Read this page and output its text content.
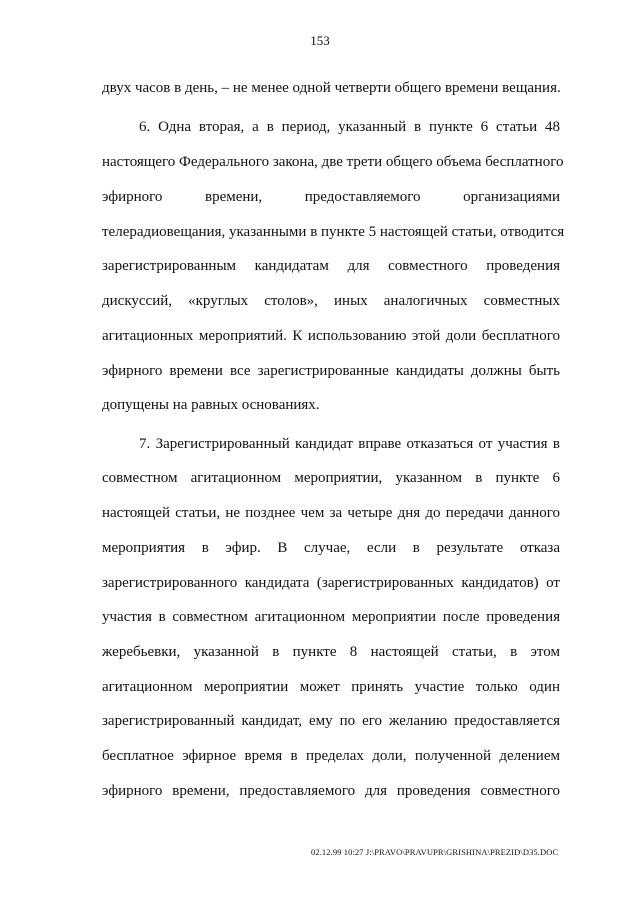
153
двух часов в день, – не менее одной четверти общего времени вещания.
6. Одна вторая, а в период, указанный в пункте 6 статьи 48
настоящего Федерального закона, две трети общего объема бесплатного
эфирного времени, предоставляемого организациями
телерадиовещания, указанными в пункте 5 настоящей статьи, отводится
зарегистрированным кандидатам для совместного проведения
дискуссий, «круглых столов», иных аналогичных совместных
агитационных мероприятий. К использованию этой доли бесплатного
эфирного времени все зарегистрированные кандидаты должны быть
допущены на равных основаниях.
7. Зарегистрированный кандидат вправе отказаться от участия в
совместном агитационном мероприятии, указанном в пункте 6
настоящей статьи, не позднее чем за четыре дня до передачи данного
мероприятия в эфир. В случае, если в результате отказа
зарегистрированного кандидата (зарегистрированных кандидатов) от
участия в совместном агитационном мероприятии после проведения
жеребьевки, указанной в пункте 8 настоящей статьи, в этом
агитационном мероприятии может принять участие только один
зарегистрированный кандидат, ему по его желанию предоставляется
бесплатное эфирное время в пределах доли, полученной делением
эфирного времени, предоставляемого для проведения совместного
02.12.99 10:27 J:\PRAVO\PRAVUPR\GRISHINA\PREZID\D35.DOC
